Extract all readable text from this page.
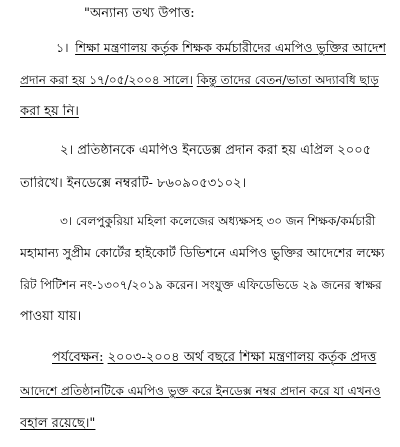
"অন্যান্য তথ্য উপাত্ত:
১। শিক্ষা মন্ত্রণালয় কর্তৃক শিক্ষক কর্মচারীদের এমপিও ভুক্তির আদেশ
প্রদান করা হয় ১৭/০৫/২০০৪ সালে। কিন্তু তাদের বেতন/ভাতা অদ্যাবধি ছাড়
করা হয় নি।
২। প্রতিষ্ঠানকে এমপিও ইনডেক্স প্রদান করা হয় এপ্রিল ২০০৫
তারিখে। ইনডেক্সে নম্বরটি- ৮৬০৯০৫৩১০২।
৩। বেলপুকুরিয়া মহিলা কলেজের অধ্যক্ষসহ ৩০ জন শিক্ষক/কর্মচারী
মহামান্য সুপ্রীম কোর্টের হাইকোর্ট ডিভিশনে এমপিও ভুক্তির আদেশের লক্ষ্যে
রিট পিটিশন নং-১৩০৭/২০১৯ করেন। সংযুক্ত এফিডেভিডে ২৯ জনের স্বাক্ষর
পাওয়া যায়।
পর্যবেক্ষন: ২০০৩-২০০৪ অর্থ বছরে শিক্ষা মন্ত্রণালয় কর্তৃক প্রদত্ত
আদেশে প্রতিষ্ঠানটিকে এমপিও ভুক্ত করে ইনডেক্স নম্বর প্রদান করে যা এখনও
বহাল রয়েছে।"
